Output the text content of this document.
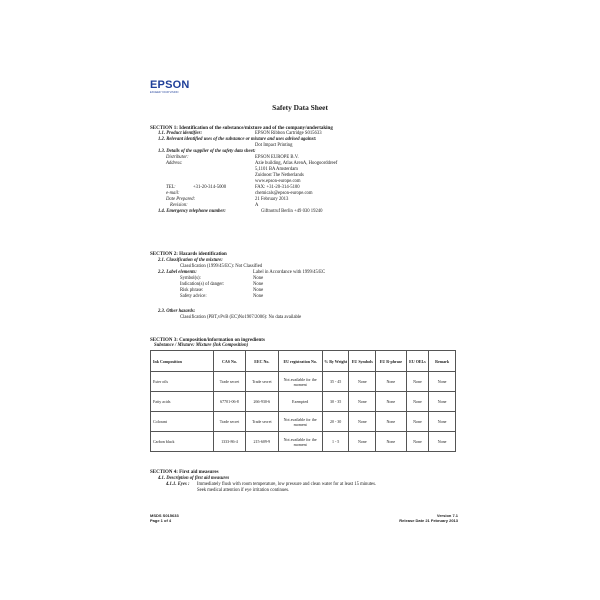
EPSON
EXCEED YOUR VISION
Safety Data Sheet
SECTION 1: Identification of the substance/mixture and of the company/undertaking
1.1. Product identifier:	EPSON Ribbon Cartridge S015633
1.2. Relevant identified uses of the substance or mixture and uses advised against:
Dot Impact Printing
1.3. Details of the supplier of the safety data sheet:
Distributor:	EPSON EUROPE B.V.
Address:	Azie building, Atlas ArenA, Hoogoorddreef
5,1101 BA Amsterdam
Zuidoost The Netherlands
www.epson-europe.com
TEL:	+31-20-314-5000	FAX: +31-20-314-5100
e-mail:	chemicals@epson-europe.com
Date Prepared:	21 February 2013
Revision:	A
1.4. Emergency telephone number:	Giftnotruf Berlin +49 030 19240
SECTION 2: Hazards identification
2.1. Classification of the mixture:
Classification (1999/45/EC): Not Classified
2.2. Label elements:	Label in Accordance with 1999/45/EC
Symbol(s):	None
Indication(s) of danger:	None
Risk phrase:	None
Safety advice:	None
2.3. Other hazards:
Classification (PBT,vPvB (EC)No1907/2006): No data available
SECTION 3: Composition/information on ingredients
Substance / Mixture: Mixture (Ink Composition)
Ink Composition	CAS No.	EEC No.	EU registration No.	% By Weight	EU Symbols	EU R-phrase	EU OELs	Remark
Ester oils	Trade secret	Trade secret	Not available for the moment	35 - 45	None	None	None	None
Fatty acids	67701-06-8	266-930-6	Exempted	30 - 35	None	None	None	None
Colorant	Trade secret	Trade secret	Not available for the moment	20 - 30	None	None	None	None
Carbon black	1333-86-4	215-609-9	Not available for the moment	1 - 5	None	None	None	None
SECTION 4: First aid measures
4.1. Description of first aid measures
4.1.1. Eyes : Immediately flush with room temperature, low pressure and clean water for at least 15 minutes.
Seek medical attention if eye irritation continues.
MSDS S015633
Page 1 of 4
Version 7.1
Release Date 21 February 2013
